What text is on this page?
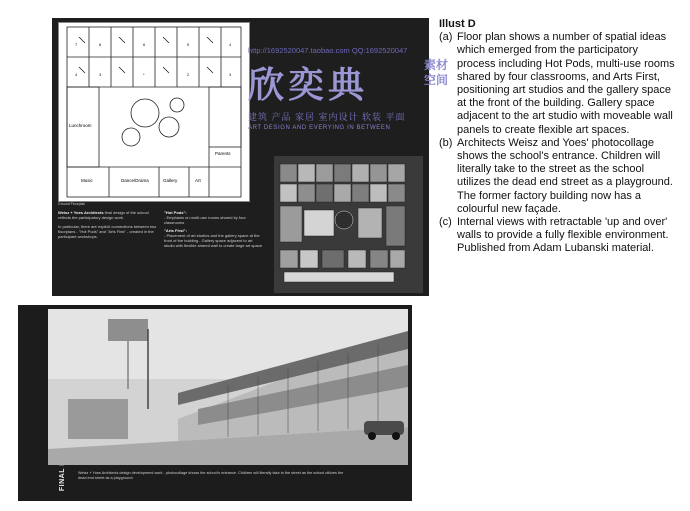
7	8	6	5	4
4	3	*	2	3
Lunchroom
Music	Dance/Drama	Gallery	Art
Parents
Ground Floorplan
Weisz + Yoes Architects final design of the school reflects the participatory design work.
In particular, there are explicit connections between two floorplans - "Hot Pods" and "Arts First" - created in the participant workshops.
"Hot Pods":
- Emphasis on multi-use rooms shared by four classrooms
"Arts First":
- Placement of art studios and the gallery space at the front of the building - Gallery space adjacent to art studio with flexible shared wall to create large art space
Weisz + Yoes Architects design development work - photocollage shows the school's entrance. Children will literally take to the street as the school utilizes the dead end street as a playground.
Illust D
(a) Floor plan shows a number of spatial ideas which emerged from the participatory process including Hot Pods, multi-use rooms shared by four classrooms, and Arts First, positioning art studios and the gallery space at the front of the building. Gallery space adjacent to the art studio with moveable wall panels to create flexible art spaces.
(b) Architects Weisz and Yoes' photocollage shows the school's entrance. Children will literally take to the street as the school utilizes the dead end street as a playground. The former factory building now has a colourful new façade.
(c) Internal views with retractable 'up and over' walls to provide a fully flexible environment. Published from Adam Lubanski material.
http://1692520047.taobao.com QQ:1692520047
欣奕典	素材
空间
建筑 产品 家居 室内设计 软装 平面
ART DESIGN AND EVERYING IN BETWEEN
